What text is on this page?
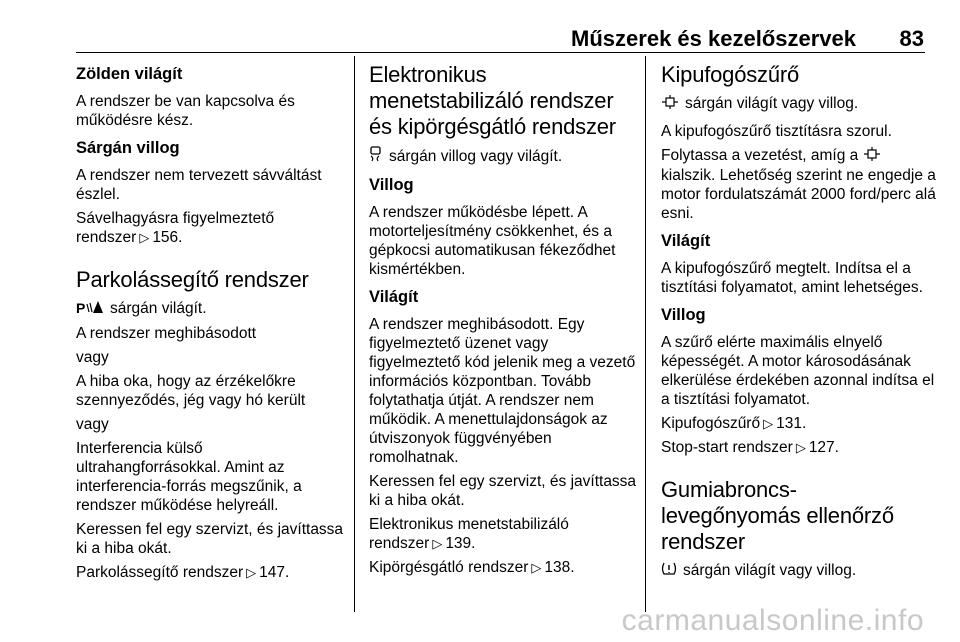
Műszerek és kezelőszervek 83
Zölden világít

A rendszer be van kapcsolva és működésre kész.

Sárgán villog

A rendszer nem tervezett sávváltást észlel.

Sávelhagyásra figyelmeztető rendszer ▷ 156.

Parkolássegítő rendszer

P sárgán világít.

A rendszer meghibásodott

vagy

A hiba oka, hogy az érzékelőkre szennyeződés, jég vagy hó került

vagy

Interferencia külső ultrahangforrásokkal. Amint az interferencia-forrás megszűnik, a rendszer működése helyreáll.

Keressen fel egy szervizt, és javíttassa ki a hiba okát.

Parkolássegítő rendszer ▷ 147.

Elektronikus menetstabilizáló rendszer és kipörgésgátló rendszer

sárgán villog vagy világít.

Villog

A rendszer működésbe lépett. A motorteljesítmény csökkenhet, és a gépkocsi automatikusan fékeződhet kismértékben.

Világít

A rendszer meghibásodott. Egy figyelmeztető üzenet vagy figyelmeztető kód jelenik meg a vezető információs központban. Tovább folytathatja útját. A rendszer nem működik. A menettulajdonságok az útviszonyok függvényében romolhatnak.

Keressen fel egy szervizt, és javíttassa ki a hiba okát.

Elektronikus menetstabilizáló rendszer ▷ 139.

Kipörgésgátló rendszer ▷ 138.

Kipufogószűrő

sárgán világít vagy villog.

A kipufogószűrő tisztításra szorul.

Folytassa a vezetést, amíg a  kialszik. Lehetőség szerint ne engedje a motor fordulatszámát 2000 ford/perc alá esni.

Világít

A kipufogószűrő megtelt. Indítsa el a tisztítási folyamatot, amint lehetséges.

Villog

A szűrő elérte maximális elnyelő képességét. A motor károsodásának elkerülése érdekében azonnal indítsa el a tisztítási folyamatot.

Kipufogószűrő ▷ 131.

Stop-start rendszer ▷ 127.

Gumiabroncs-levegőnyomás ellenőrző rendszer

sárgán világít vagy villog.

carmanualsonline.info
